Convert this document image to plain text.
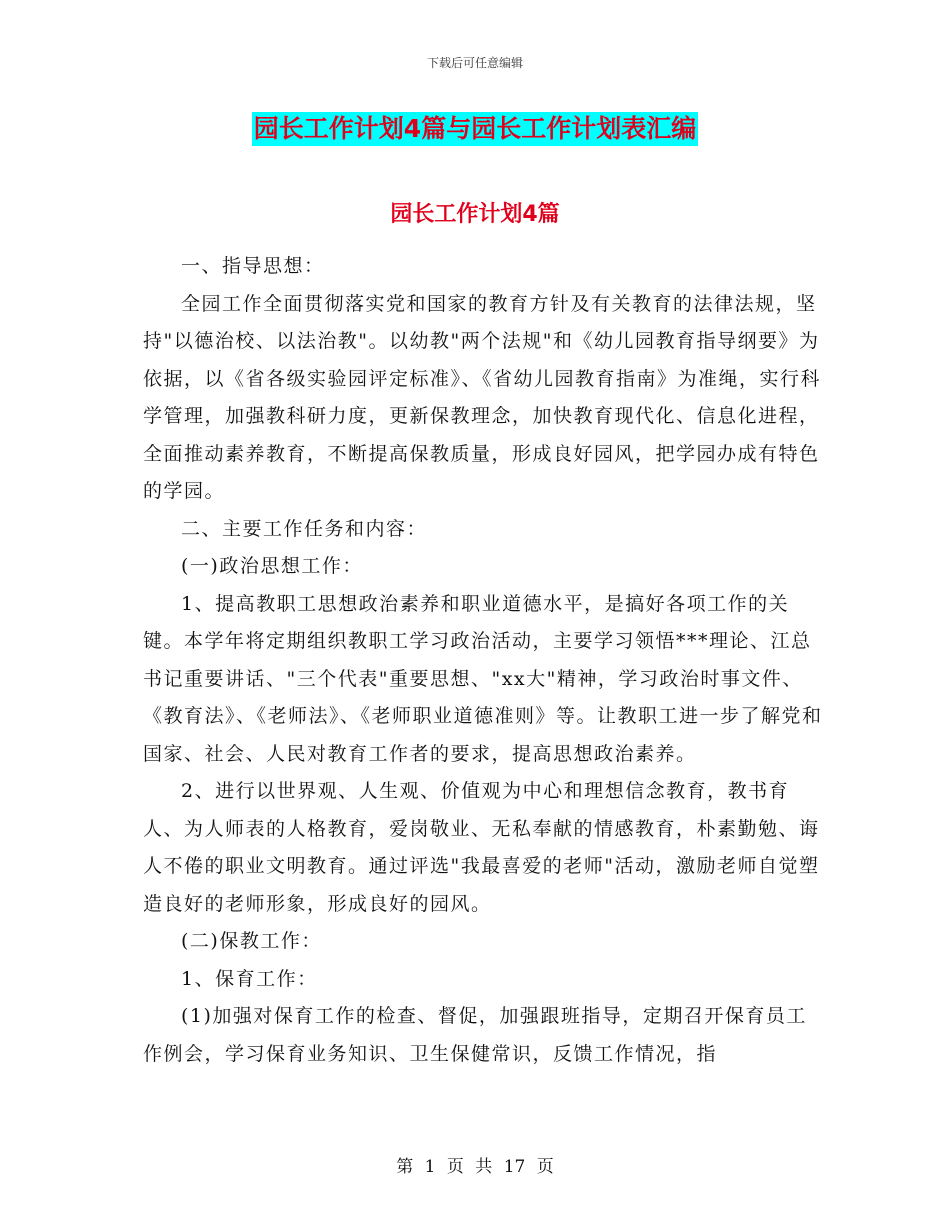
下载后可任意编辑
园长工作计划4篇与园长工作计划表汇编
园长工作计划4篇

一、指导思想：

全园工作全面贯彻落实党和国家的教育方针及有关教育的法律法规，坚持"以德治校、以法治教"。以幼教"两个法规"和《幼儿园教育指导纲要》为依据，以《省各级实验园评定标准》、《省幼儿园教育指南》为准绳，实行科学管理，加强教科研力度，更新保教理念，加快教育现代化、信息化进程，全面推动素养教育，不断提高保教质量，形成良好园风，把学园办成有特色的学园。

二、主要工作任务和内容：

(一)政治思想工作：

1、提高教职工思想政治素养和职业道德水平，是搞好各项工作的关键。本学年将定期组织教职工学习政治活动，主要学习领悟***理论、江总书记重要讲话、"三个代表"重要思想、"xx大"精神，学习政治时事文件、《教育法》、《老师法》、《老师职业道德准则》等。让教职工进一步了解党和国家、社会、人民对教育工作者的要求，提高思想政治素养。

2、进行以世界观、人生观、价值观为中心和理想信念教育，教书育人、为人师表的人格教育，爱岗敬业、无私奉献的情感教育，朴素勤勉、诲人不倦的职业文明教育。通过评选"我最喜爱的老师"活动，激励老师自觉塑造良好的老师形象，形成良好的园风。

(二)保教工作：

1、保育工作：

(1)加强对保育工作的检查、督促，加强跟班指导，定期召开保育员工作例会，学习保育业务知识、卫生保健常识，反馈工作情况，指

第 1 页 共 17 页
